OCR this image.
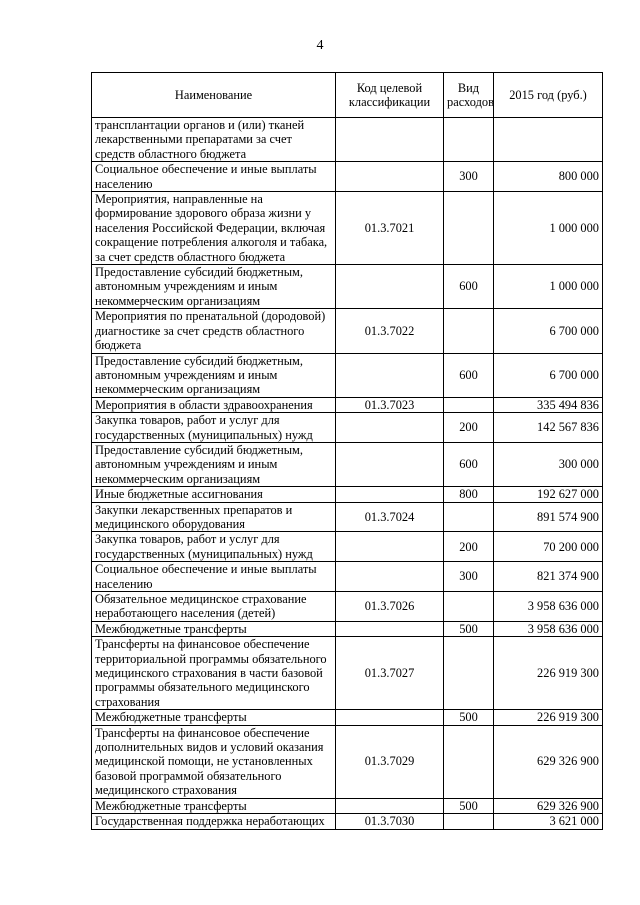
4
Наименование	Код целевой классификации	Вид расходов	2015 год (руб.)
трансплантации органов и (или) тканей лекарственными препаратами за счет средств областного бюджета			
Социальное обеспечение и иные выплаты населению		300	800 000
Мероприятия, направленные на формирование здорового образа жизни у населения Российской Федерации, включая сокращение потребления алкоголя и табака, за счет средств областного бюджета	01.3.7021		1 000 000
Предоставление субсидий бюджетным, автономным учреждениям и иным некоммерческим организациям		600	1 000 000
Мероприятия по пренатальной (дородовой) диагностике за счет средств областного бюджета	01.3.7022		6 700 000
Предоставление субсидий бюджетным, автономным учреждениям и иным некоммерческим организациям		600	6 700 000
Мероприятия в области здравоохранения	01.3.7023		335 494 836
Закупка товаров, работ и услуг для государственных (муниципальных) нужд		200	142 567 836
Предоставление субсидий бюджетным, автономным учреждениям и иным некоммерческим организациям		600	300 000
Иные бюджетные ассигнования		800	192 627 000
Закупки лекарственных препаратов и медицинского оборудования	01.3.7024		891 574 900
Закупка товаров, работ и услуг для государственных (муниципальных) нужд		200	70 200 000
Социальное обеспечение и иные выплаты населению		300	821 374 900
Обязательное медицинское страхование неработающего населения (детей)	01.3.7026		3 958 636 000
Межбюджетные трансферты		500	3 958 636 000
Трансферты на финансовое обеспечение территориальной программы обязательного медицинского страхования в части базовой программы обязательного медицинского страхования	01.3.7027		226 919 300
Межбюджетные трансферты		500	226 919 300
Трансферты на финансовое обеспечение дополнительных видов и условий оказания медицинской помощи, не установленных базовой программой обязательного медицинского страхования	01.3.7029		629 326 900
Межбюджетные трансферты		500	629 326 900
Государственная поддержка неработающих	01.3.7030		3 621 000
